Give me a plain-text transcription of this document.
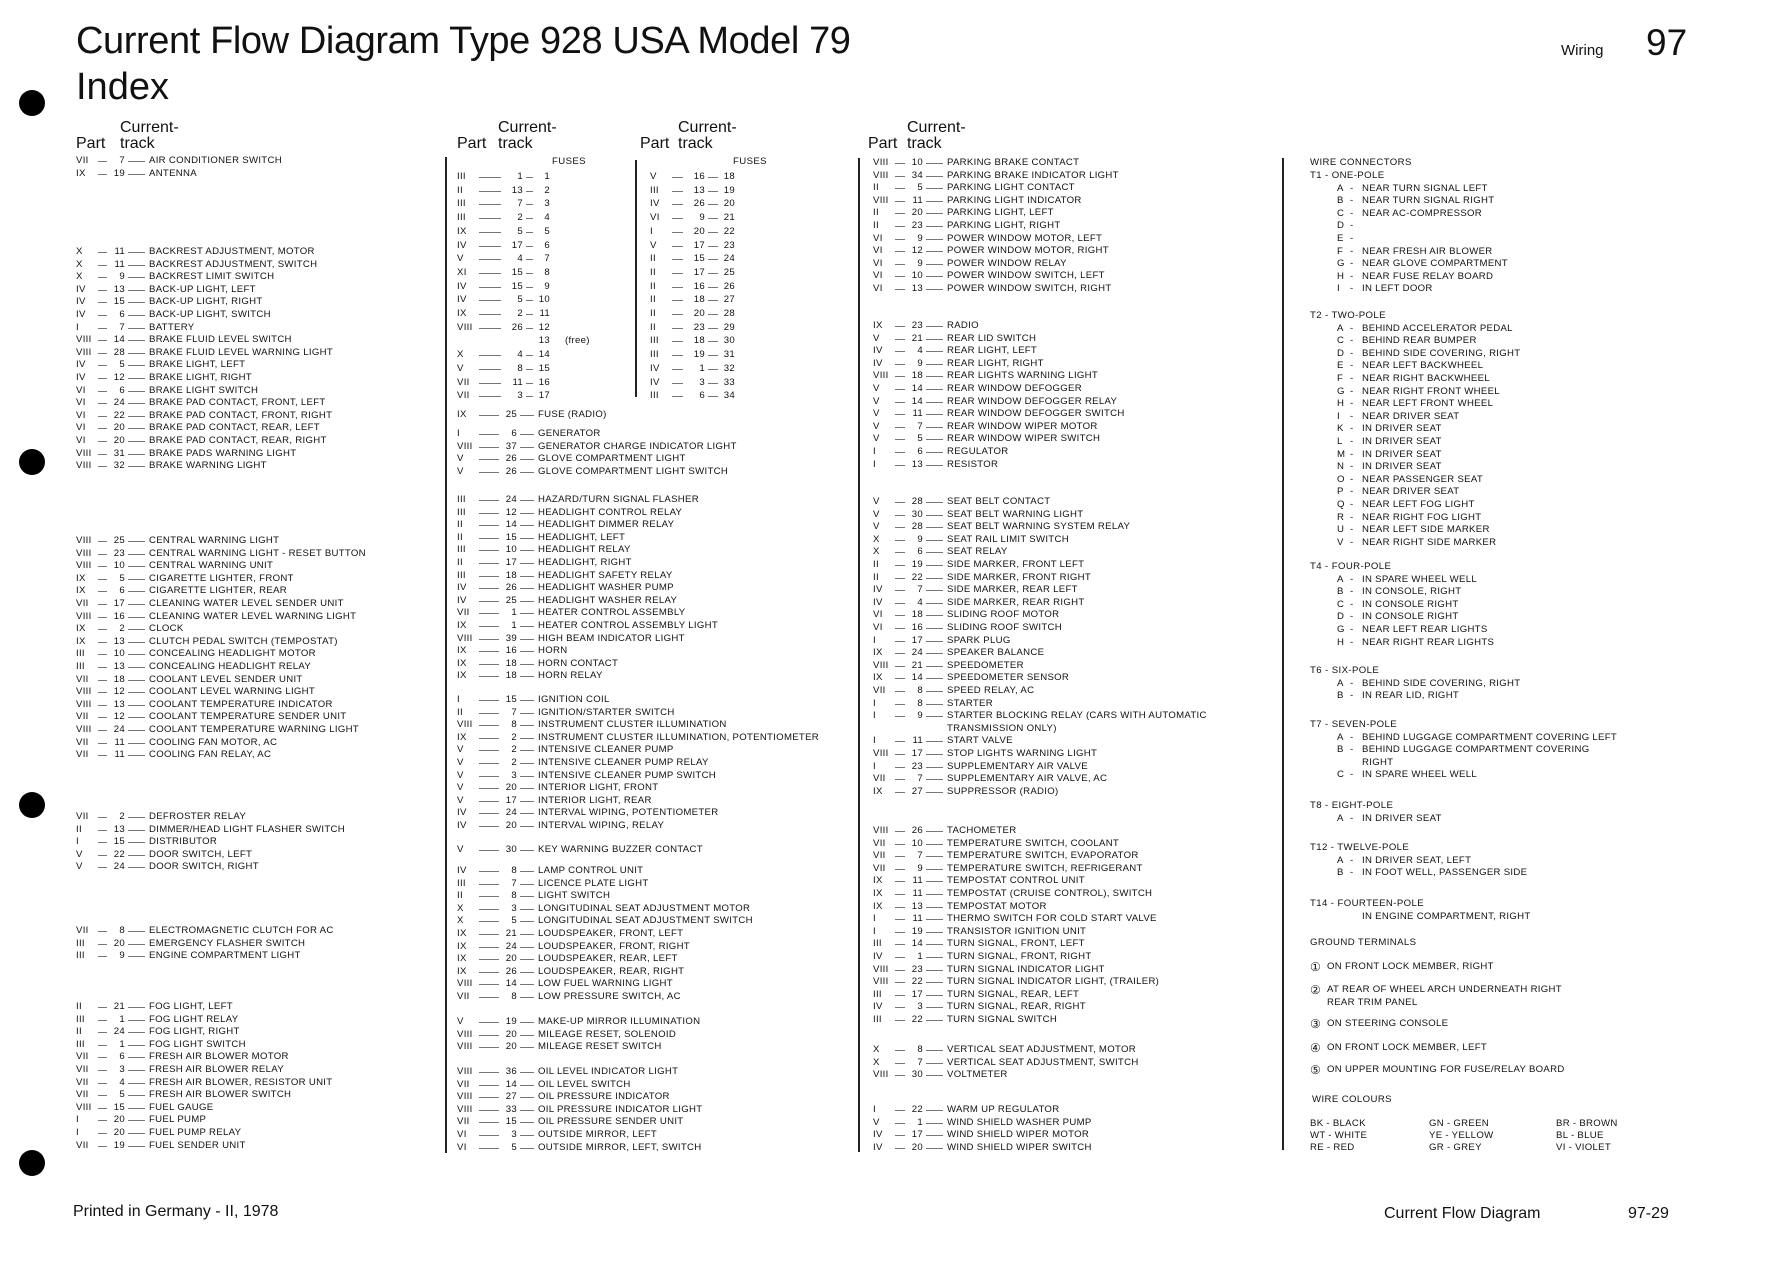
Current Flow Diagram Type 928 USA Model 79
Index
Wiring 97
Current-
Part track
Current-
Part track
Current-
Part track
Current-
Part track
FUSES	FUSES
VII	7	AIR CONDITIONER SWITCH
IX	19	ANTENNA
X	11	BACKREST ADJUSTMENT, MOTOR
X	11	BACKREST ADJUSTMENT, SWITCH
X	9	BACKREST LIMIT SWITCH
IV	13	BACK-UP LIGHT, LEFT
IV	15	BACK-UP LIGHT, RIGHT
IV	6	BACK-UP LIGHT, SWITCH
I	7	BATTERY
VIII	14	BRAKE FLUID LEVEL SWITCH
VIII	28	BRAKE FLUID LEVEL WARNING LIGHT
IV	5	BRAKE LIGHT, LEFT
IV	12	BRAKE LIGHT, RIGHT
VI	6	BRAKE LIGHT SWITCH
VI	24	BRAKE PAD CONTACT, FRONT, LEFT
VI	22	BRAKE PAD CONTACT, FRONT, RIGHT
VI	20	BRAKE PAD CONTACT, REAR, LEFT
VI	20	BRAKE PAD CONTACT, REAR, RIGHT
VIII	31	BRAKE PADS WARNING LIGHT
VIII	32	BRAKE WARNING LIGHT
VIII	25	CENTRAL WARNING LIGHT
VIII	23	CENTRAL WARNING LIGHT - RESET BUTTON
VIII	10	CENTRAL WARNING UNIT
IX	5	CIGARETTE LIGHTER, FRONT
IX	6	CIGARETTE LIGHTER, REAR
VII	17	CLEANING WATER LEVEL SENDER UNIT
VIII	16	CLEANING WATER LEVEL WARNING LIGHT
IX	2	CLOCK
IX	13	CLUTCH PEDAL SWITCH (TEMPOSTAT)
III	10	CONCEALING HEADLIGHT MOTOR
III	13	CONCEALING HEADLIGHT RELAY
VII	18	COOLANT LEVEL SENDER UNIT
VIII	12	COOLANT LEVEL WARNING LIGHT
VIII	13	COOLANT TEMPERATURE INDICATOR
VII	12	COOLANT TEMPERATURE SENDER UNIT
VIII	24	COOLANT TEMPERATURE WARNING LIGHT
VII	11	COOLING FAN MOTOR, AC
VII	11	COOLING FAN RELAY, AC
VII	2	DEFROSTER RELAY
II	13	DIMMER/HEAD LIGHT FLASHER SWITCH
I	15	DISTRIBUTOR
V	22	DOOR SWITCH, LEFT
V	24	DOOR SWITCH, RIGHT
VII	8	ELECTROMAGNETIC CLUTCH FOR AC
III	20	EMERGENCY FLASHER SWITCH
III	9	ENGINE COMPARTMENT LIGHT
II	21	FOG LIGHT, LEFT
III	1	FOG LIGHT RELAY
II	24	FOG LIGHT, RIGHT
III	1	FOG LIGHT SWITCH
VII	6	FRESH AIR BLOWER MOTOR
VII	3	FRESH AIR BLOWER RELAY
VII	4	FRESH AIR BLOWER, RESISTOR UNIT
VII	5	FRESH AIR BLOWER SWITCH
VIII	15	FUEL GAUGE
I	20	FUEL PUMP
I	20	FUEL PUMP RELAY
VII	19	FUEL SENDER UNIT
IX	25 FUSE (RADIO)
I	6 GENERATOR
VIII	37 GENERATOR CHARGE INDICATOR LIGHT
V	26 GLOVE COMPARTMENT LIGHT
V	26 GLOVE COMPARTMENT LIGHT SWITCH
III	24 HAZARD/TURN SIGNAL FLASHER
III	12 HEADLIGHT CONTROL RELAY
II	14 HEADLIGHT DIMMER RELAY
II	15 HEADLIGHT, LEFT
III	10 HEADLIGHT RELAY
II	17 HEADLIGHT, RIGHT
III	18 HEADLIGHT SAFETY RELAY
IV	26 HEADLIGHT WASHER PUMP
IV	25 HEADLIGHT WASHER RELAY
VII	1 HEATER CONTROL ASSEMBLY
IX	1 HEATER CONTROL ASSEMBLY LIGHT
VIII	39 HIGH BEAM INDICATOR LIGHT
IX	16 HORN
IX	18 HORN CONTACT
IX	18 HORN RELAY
I	15 IGNITION COIL
II	7 IGNITION/STARTER SWITCH
VIII	8 INSTRUMENT CLUSTER ILLUMINATION
IX	2 INSTRUMENT CLUSTER ILLUMINATION, POTENTIOMETER
V	2 INTENSIVE CLEANER PUMP
V	2 INTENSIVE CLEANER PUMP RELAY
V	3 INTENSIVE CLEANER PUMP SWITCH
V	20 INTERIOR LIGHT, FRONT
V	17 INTERIOR LIGHT, REAR
IV	24 INTERVAL WIPING, POTENTIOMETER
IV	20 INTERVAL WIPING, RELAY
V	30 KEY WARNING BUZZER CONTACT
IV	8 LAMP CONTROL UNIT
III	7 LICENCE PLATE LIGHT
II	8 LIGHT SWITCH
X	3 LONGITUDINAL SEAT ADJUSTMENT MOTOR
X	5 LONGITUDINAL SEAT ADJUSTMENT SWITCH
IX	21 LOUDSPEAKER, FRONT, LEFT
IX	24 LOUDSPEAKER, FRONT, RIGHT
IX	20 LOUDSPEAKER, REAR, LEFT
IX	26 LOUDSPEAKER, REAR, RIGHT
VIII	14 LOW FUEL WARNING LIGHT
VII	8 LOW PRESSURE SWITCH, AC
V	19 MAKE-UP MIRROR ILLUMINATION
VIII	20 MILEAGE RESET, SOLENOID
VIII	20 MILEAGE RESET SWITCH
VIII	36 OIL LEVEL INDICATOR LIGHT
VII	14 OIL LEVEL SWITCH
VIII	27 OIL PRESSURE INDICATOR
VIII	33 OIL PRESSURE INDICATOR LIGHT
VII	15 OIL PRESSURE SENDER UNIT
VI	3 OUTSIDE MIRROR, LEFT
VI	5 OUTSIDE MIRROR, LEFT, SWITCH
VIII	10	PARKING BRAKE CONTACT
VIII	34	PARKING BRAKE INDICATOR LIGHT
II	5	PARKING LIGHT CONTACT
VIII	11	PARKING LIGHT INDICATOR
II	20	PARKING LIGHT, LEFT
II	23	PARKING LIGHT, RIGHT
VI	9	POWER WINDOW MOTOR, LEFT
VI	12	POWER WINDOW MOTOR, RIGHT
VI	9	POWER WINDOW RELAY
VI	10	POWER WINDOW SWITCH, LEFT
VI	13	POWER WINDOW SWITCH, RIGHT
IX	23	RADIO
V	21	REAR LID SWITCH
IV	4	REAR LIGHT, LEFT
IV	9	REAR LIGHT, RIGHT
VIII	18	REAR LIGHTS WARNING LIGHT
V	14	REAR WINDOW DEFOGGER
V	14	REAR WINDOW DEFOGGER RELAY
V	11	REAR WINDOW DEFOGGER SWITCH
V	7	REAR WINDOW WIPER MOTOR
V	5	REAR WINDOW WIPER SWITCH
I	6	REGULATOR
I	13	RESISTOR
V	28	SEAT BELT CONTACT
V	30	SEAT BELT WARNING LIGHT
V	28	SEAT BELT WARNING SYSTEM RELAY
X	9	SEAT RAIL LIMIT SWITCH
X	6	SEAT RELAY
II	19	SIDE MARKER, FRONT LEFT
II	22	SIDE MARKER, FRONT RIGHT
IV	7	SIDE MARKER, REAR LEFT
IV	4	SIDE MARKER, REAR RIGHT
VI	18	SLIDING ROOF MOTOR
VI	16	SLIDING ROOF SWITCH
I	17	SPARK PLUG
IX	24	SPEAKER BALANCE
VIII	21	SPEEDOMETER
IX	14	SPEEDOMETER SENSOR
VII	8	SPEED RELAY, AC
I	8	STARTER
I	9	STARTER BLOCKING RELAY (CARS WITH AUTOMATIC
TRANSMISSION ONLY)
I	11	START VALVE
VIII	17	STOP LIGHTS WARNING LIGHT
I	23	SUPPLEMENTARY AIR VALVE
VII	7	SUPPLEMENTARY AIR VALVE, AC
IX	27	SUPPRESSOR (RADIO)
VIII	26	TACHOMETER
VII	10	TEMPERATURE SWITCH, COOLANT
VII	7	TEMPERATURE SWITCH, EVAPORATOR
VII	9	TEMPERATURE SWITCH, REFRIGERANT
IX	11	TEMPOSTAT CONTROL UNIT
IX	11	TEMPOSTAT (CRUISE CONTROL), SWITCH
IX	13	TEMPOSTAT MOTOR
I	11	THERMO SWITCH FOR COLD START VALVE
I	19	TRANSISTOR IGNITION UNIT
III	14	TURN SIGNAL, FRONT, LEFT
IV	1	TURN SIGNAL, FRONT, RIGHT
VIII	23	TURN SIGNAL INDICATOR LIGHT
VIII	22	TURN SIGNAL INDICATOR LIGHT, (TRAILER)
III	17	TURN SIGNAL, REAR, LEFT
IV	3	TURN SIGNAL, REAR, RIGHT
III	22	TURN SIGNAL SWITCH
X	8	VERTICAL SEAT ADJUSTMENT, MOTOR
X	7	VERTICAL SEAT ADJUSTMENT, SWITCH
VIII	30	VOLTMETER
I	22	WARM UP REGULATOR
V	1	WIND SHIELD WASHER PUMP
IV	17	WIND SHIELD WIPER MOTOR
IV	20	WIND SHIELD WIPER SWITCH
III	1	1
II	13	2
III	7	3
III	2	4
IX	5	5
IV	17	6
V	4	7
XI	15	8
IV	15	9
IV	5	10
IX	2	11
VIII	26	12
13 (free)
X	4	14
V	8	15
VII	11	16
VII	3	17
V	16	18
III	13	19
IV	26	20
VI	9	21
I	20	22
V	17	23
II	15	24
II	17	25
II	16	26
II	18	27
II	20	28
II	23	29
III	18	30
III	19	31
IV	1	32
IV	3	33
III	6	34
WIRE CONNECTORS
T1 - ONE-POLE
A - NEAR TURN SIGNAL LEFT
B - NEAR TURN SIGNAL RIGHT
C - NEAR AC-COMPRESSOR
D -
E -
F - NEAR FRESH AIR BLOWER
G - NEAR GLOVE COMPARTMENT
H - NEAR FUSE RELAY BOARD
I - IN LEFT DOOR
T2 - TWO-POLE
A - BEHIND ACCELERATOR PEDAL
C - BEHIND REAR BUMPER
D - BEHIND SIDE COVERING, RIGHT
E - NEAR LEFT BACKWHEEL
F - NEAR RIGHT BACKWHEEL
G - NEAR RIGHT FRONT WHEEL
H - NEAR LEFT FRONT WHEEL
I - NEAR DRIVER SEAT
K - IN DRIVER SEAT
L - IN DRIVER SEAT
M - IN DRIVER SEAT
N - IN DRIVER SEAT
O - NEAR PASSENGER SEAT
P - NEAR DRIVER SEAT
Q - NEAR LEFT FOG LIGHT
R - NEAR RIGHT FOG LIGHT
U - NEAR LEFT SIDE MARKER
V - NEAR RIGHT SIDE MARKER
T4 - FOUR-POLE
A - IN SPARE WHEEL WELL
B - IN CONSOLE, RIGHT
C - IN CONSOLE RIGHT
D - IN CONSOLE RIGHT
G - NEAR LEFT REAR LIGHTS
H - NEAR RIGHT REAR LIGHTS
T6 - SIX-POLE
A - BEHIND SIDE COVERING, RIGHT
B - IN REAR LID, RIGHT
T7 - SEVEN-POLE
A - BEHIND LUGGAGE COMPARTMENT COVERING LEFT
B - BEHIND LUGGAGE COMPARTMENT COVERING
RIGHT
C - IN SPARE WHEEL WELL
T8 - EIGHT-POLE
A - IN DRIVER SEAT
T12 - TWELVE-POLE
A - IN DRIVER SEAT, LEFT
B - IN FOOT WELL, PASSENGER SIDE
T14 - FOURTEEN-POLE
IN ENGINE COMPARTMENT, RIGHT
GROUND TERMINALS
① ON FRONT LOCK MEMBER, RIGHT
② AT REAR OF WHEEL ARCH UNDERNEATH RIGHT
REAR TRIM PANEL
③ ON STEERING CONSOLE
④ ON FRONT LOCK MEMBER, LEFT
⑤ ON UPPER MOUNTING FOR FUSE/RELAY BOARD
WIRE COLOURS
BK - BLACK	GN - GREEN	BR - BROWN
WT - WHITE	YE - YELLOW	BL - BLUE
RE - RED	GR - GREY	VI - VIOLET
Printed in Germany - II, 1978	Current Flow Diagram	97-29
